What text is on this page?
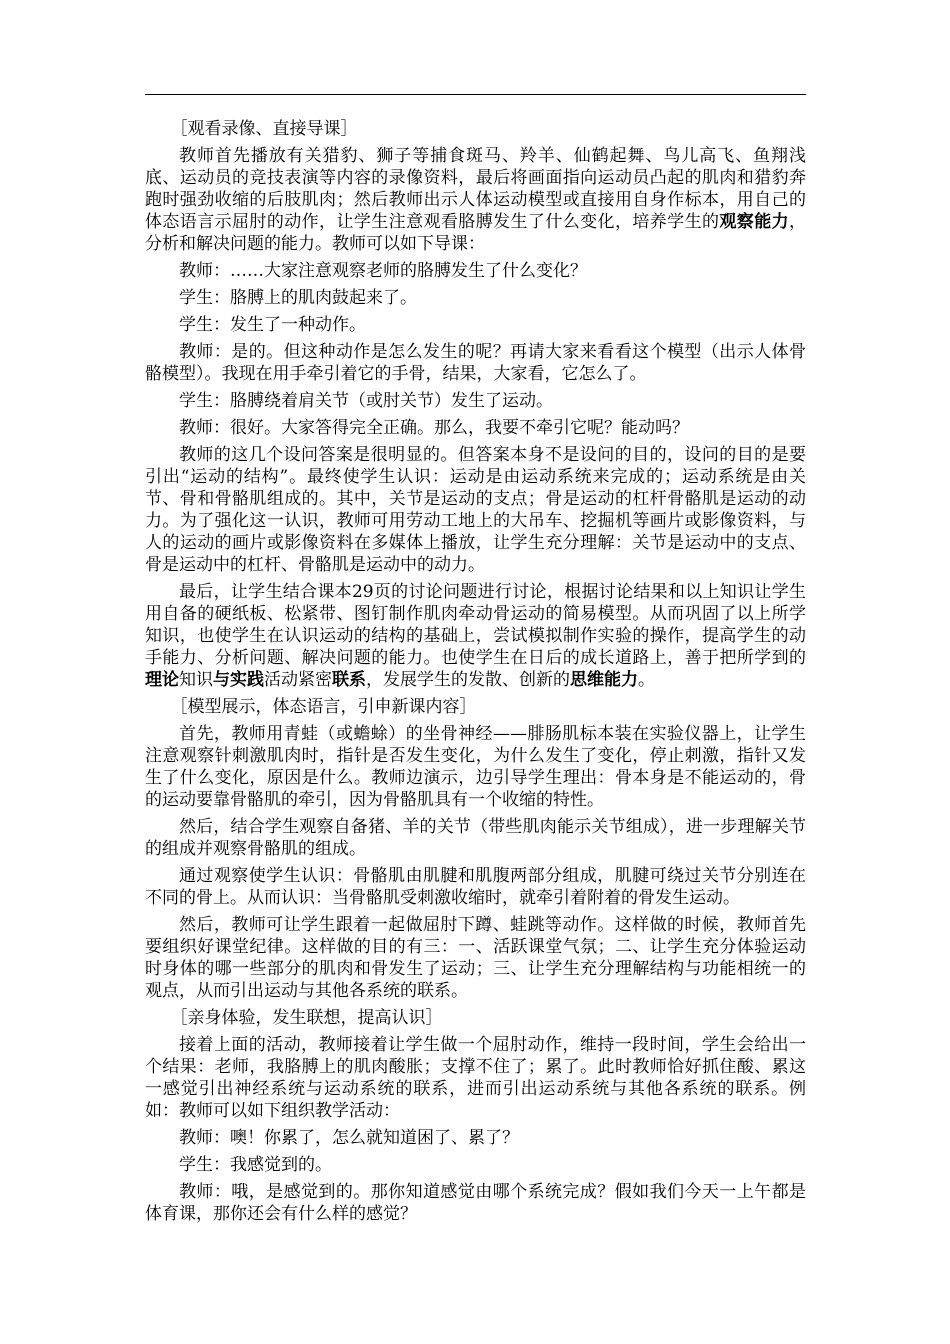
［观看录像、直接导课］
教师首先播放有关猎豹、狮子等捕食斑马、羚羊、仙鹤起舞、鸟儿高飞、鱼翔浅底、运动员的竞技表演等内容的录像资料，最后将画面指向运动员凸起的肌肉和猎豹奔跑时强劲收缩的后肢肌肉；然后教师出示人体运动模型或直接用自身作标本，用自己的体态语言示屈肘的动作，让学生注意观看胳膊发生了什么变化，培养学生的观察能力，分析和解决问题的能力。教师可以如下导课：
教师：……大家注意观察老师的胳膊发生了什么变化？
学生：胳膊上的肌肉鼓起来了。
学生：发生了一种动作。
教师：是的。但这种动作是怎么发生的呢？再请大家来看看这个模型（出示人体骨骼模型）。我现在用手牵引着它的手骨，结果，大家看，它怎么了。
学生：胳膊绕着肩关节（或肘关节）发生了运动。
教师：很好。大家答得完全正确。那么，我要不牵引它呢？能动吗？
教师的这几个设问答案是很明显的。但答案本身不是设问的目的，设问的目的是要引出“运动的结构”。最终使学生认识：运动是由运动系统来完成的；运动系统是由关节、骨和骨骼肌组成的。其中，关节是运动的支点；骨是运动的杠杆骨骼肌是运动的动力。为了强化这一认识，教师可用劳动工地上的大吊车、挖掘机等画片或影像资料，与人的运动的画片或影像资料在多媒体上播放，让学生充分理解：关节是运动中的支点、骨是运动中的杠杆、骨骼肌是运动中的动力。
最后，让学生结合课本29页的讨论问题进行讨论，根据讨论结果和以上知识让学生用自备的硬纸板、松紧带、图钉制作肌肉牵动骨运动的简易模型。从而巩固了以上所学知识，也使学生在认识运动的结构的基础上，尝试模拟制作实验的操作，提高学生的动手能力、分析问题、解决问题的能力。也使学生在日后的成长道路上，善于把所学到的理论知识与实践活动紧密联系，发展学生的发散、创新的思维能力。
［模型展示，体态语言，引申新课内容］
首先，教师用青蛙（或蟾蜍）的坐骨神经——腓肠肌标本装在实验仪器上，让学生注意观察针刺激肌肉时，指针是否发生变化，为什么发生了变化，停止刺激，指针又发生了什么变化，原因是什么。教师边演示，边引导学生理出：骨本身是不能运动的，骨的运动要靠骨骼肌的牵引，因为骨骼肌具有一个收缩的特性。
然后，结合学生观察自备猪、羊的关节（带些肌肉能示关节组成），进一步理解关节的组成并观察骨骼肌的组成。
通过观察使学生认识：骨骼肌由肌腱和肌腹两部分组成，肌腱可绕过关节分别连在不同的骨上。从而认识：当骨骼肌受刺激收缩时，就牵引着附着的骨发生运动。
然后，教师可让学生跟着一起做屈肘下蹲、蛙跳等动作。这样做的时候，教师首先要组织好课堂纪律。这样做的目的有三：一、活跃课堂气氛；二、让学生充分体验运动时身体的哪一些部分的肌肉和骨发生了运动；三、让学生充分理解结构与功能相统一的观点，从而引出运动与其他各系统的联系。
［亲身体验，发生联想，提高认识］
接着上面的活动，教师接着让学生做一个屈肘动作，维持一段时间，学生会给出一个结果：老师，我胳膊上的肌肉酸胀；支撑不住了；累了。此时教师恰好抓住酸、累这一感觉引出神经系统与运动系统的联系，进而引出运动系统与其他各系统的联系。例如：教师可以如下组织教学活动：
教师：噢！你累了，怎么就知道困了、累了？
学生：我感觉到的。
教师：哦，是感觉到的。那你知道感觉由哪个系统完成？假如我们今天一上午都是体育课，那你还会有什么样的感觉？
